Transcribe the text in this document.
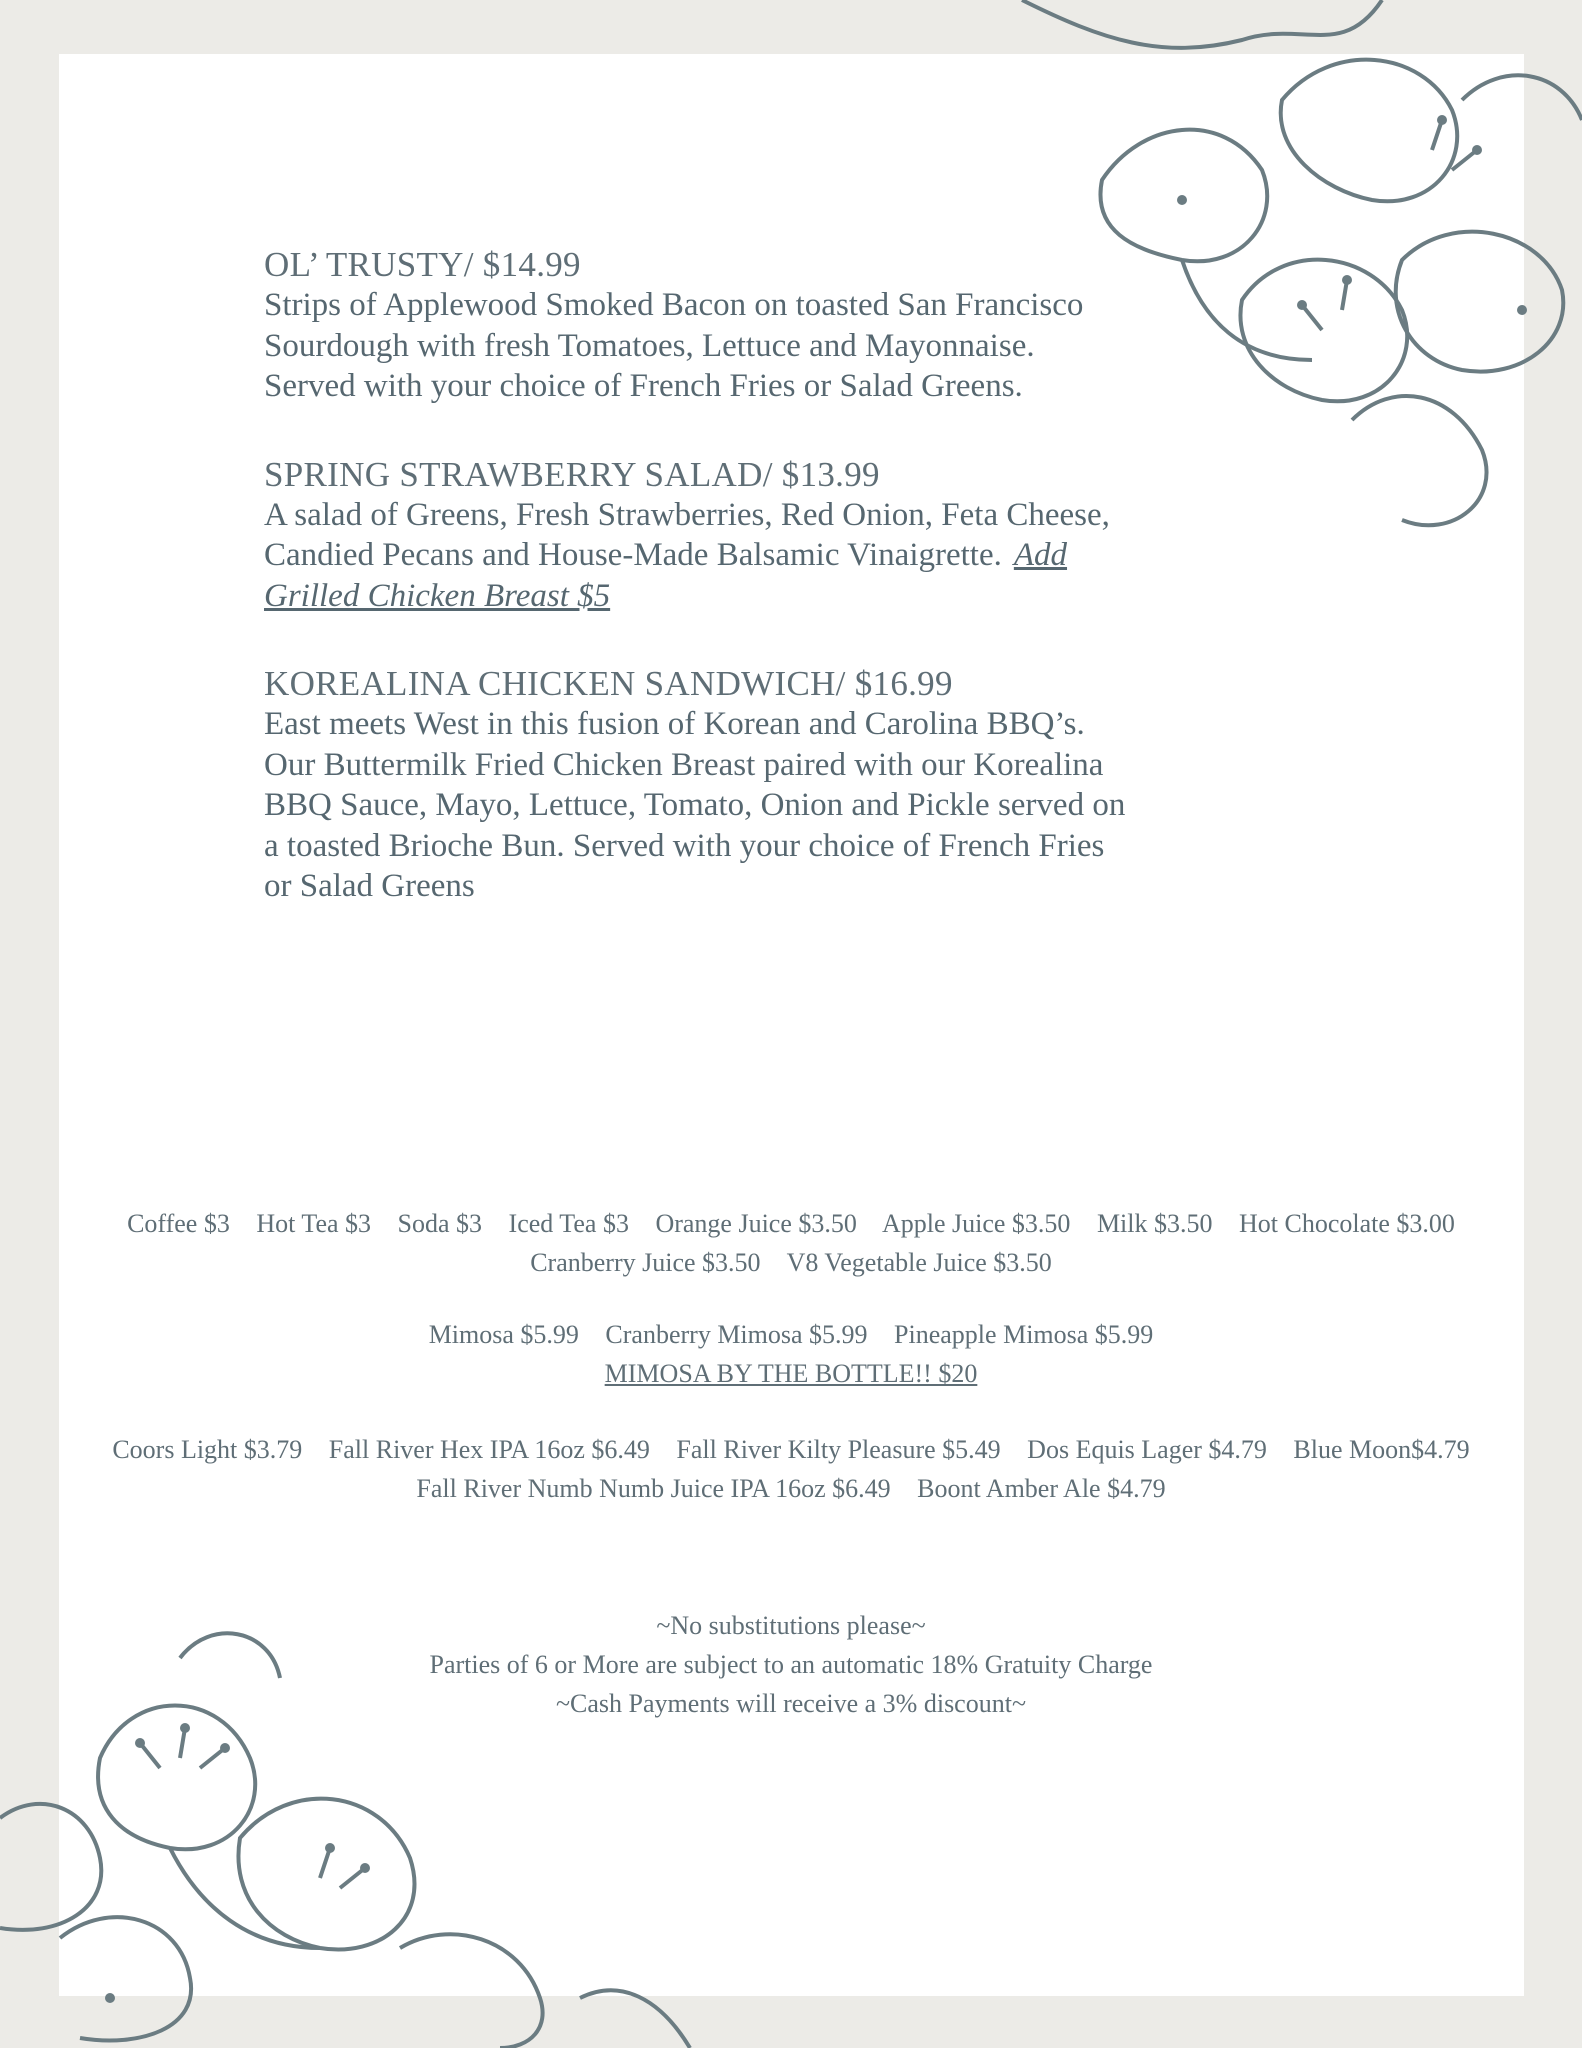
OL’ TRUSTY/ $14.99
Strips of Applewood Smoked Bacon on toasted San Francisco Sourdough with fresh Tomatoes, Lettuce and Mayonnaise. Served with your choice of French Fries or Salad Greens.
SPRING STRAWBERRY SALAD/ $13.99
A salad of Greens, Fresh Strawberries, Red Onion, Feta Cheese, Candied Pecans and House-Made Balsamic Vinaigrette. Add Grilled Chicken Breast $5
KOREALINA CHICKEN SANDWICH/ $16.99
East meets West in this fusion of Korean and Carolina BBQ’s. Our Buttermilk Fried Chicken Breast paired with our Korealina BBQ Sauce, Mayo, Lettuce, Tomato, Onion and Pickle served on a toasted Brioche Bun. Served with your choice of French Fries or Salad Greens
Coffee $3 Hot Tea $3 Soda $3 Iced Tea $3 Orange Juice $3.50 Apple Juice $3.50 Milk $3.50 Hot Chocolate $3.00
Cranberry Juice $3.50 V8 Vegetable Juice $3.50
Mimosa $5.99 Cranberry Mimosa $5.99 Pineapple Mimosa $5.99
MIMOSA BY THE BOTTLE!! $20
Coors Light $3.79 Fall River Hex IPA 16oz $6.49 Fall River Kilty Pleasure $5.49 Dos Equis Lager $4.79 Blue Moon$4.79
Fall River Numb Numb Juice IPA 16oz $6.49 Boont Amber Ale $4.79
~No substitutions please~
Parties of 6 or More are subject to an automatic 18% Gratuity Charge
~Cash Payments will receive a 3% discount~
